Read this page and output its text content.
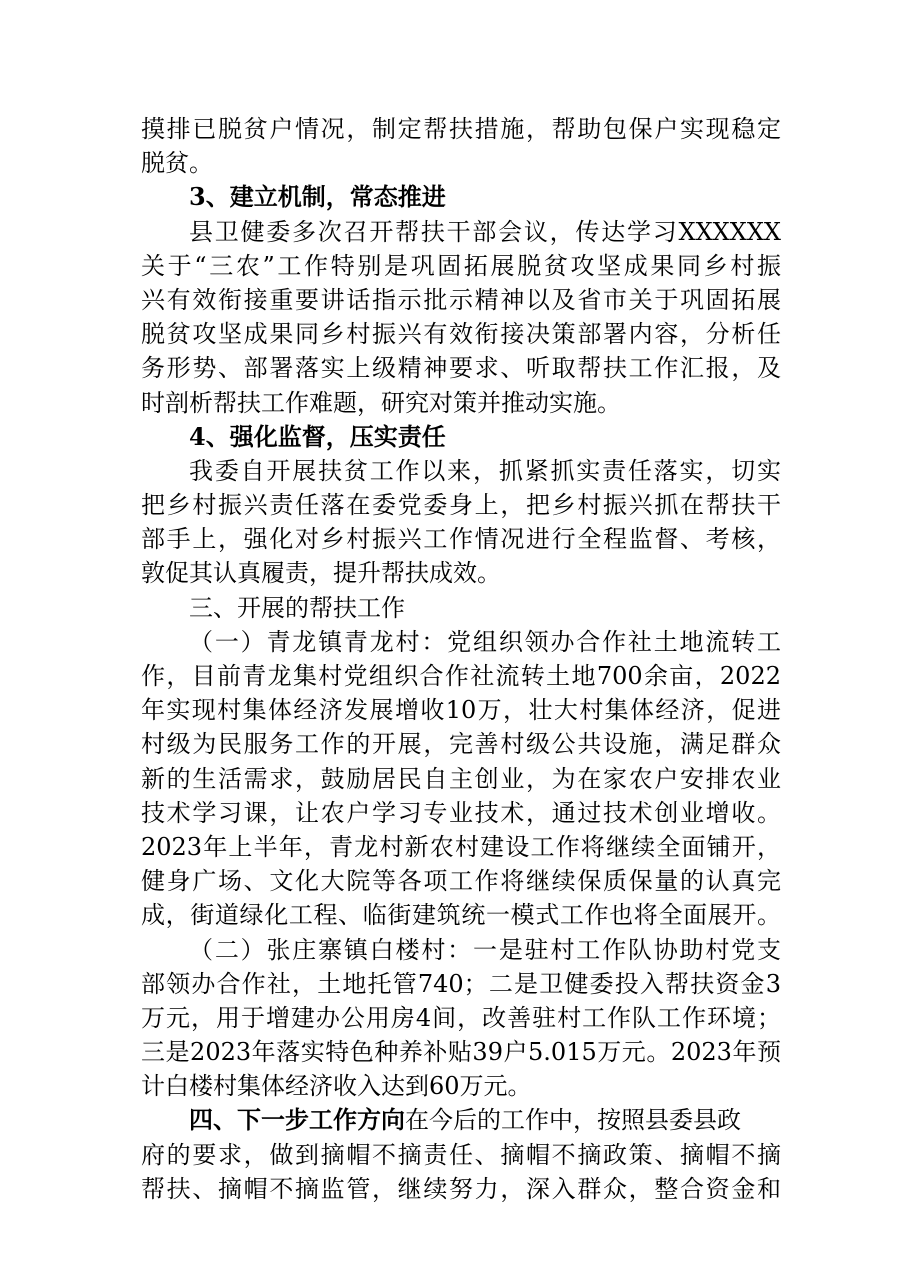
摸排已脱贫户情况，制定帮扶措施，帮助包保户实现稳定
脱贫。
3、建立机制，常态推进
县卫健委多次召开帮扶干部会议，传达学习XXXXXX
关于“三农”工作特别是巩固拓展脱贫攻坚成果同乡村振
兴有效衔接重要讲话指示批示精神以及省市关于巩固拓展
脱贫攻坚成果同乡村振兴有效衔接决策部署内容，分析任
务形势、部署落实上级精神要求、听取帮扶工作汇报，及
时剖析帮扶工作难题，研究对策并推动实施。
4、强化监督，压实责任
我委自开展扶贫工作以来，抓紧抓实责任落实，切实
把乡村振兴责任落在委党委身上，把乡村振兴抓在帮扶干
部手上，强化对乡村振兴工作情况进行全程监督、考核，
敦促其认真履责，提升帮扶成效。
三、开展的帮扶工作
（一）青龙镇青龙村：党组织领办合作社土地流转工
作，目前青龙集村党组织合作社流转土地700余亩，2022
年实现村集体经济发展增收10万，壮大村集体经济，促进
村级为民服务工作的开展，完善村级公共设施，满足群众
新的生活需求，鼓励居民自主创业，为在家农户安排农业
技术学习课，让农户学习专业技术，通过技术创业增收。
2023年上半年，青龙村新农村建设工作将继续全面铺开，
健身广场、文化大院等各项工作将继续保质保量的认真完
成，街道绿化工程、临街建筑统一模式工作也将全面展开。
（二）张庄寨镇白楼村：一是驻村工作队协助村党支
部领办合作社，土地托管740；二是卫健委投入帮扶资金3
万元，用于增建办公用房4间，改善驻村工作队工作环境；
三是2023年落实特色种养补贴39户5.015万元。2023年预
计白楼村集体经济收入达到60万元。
四、下一步工作方向在今后的工作中，按照县委县政
府的要求，做到摘帽不摘责任、摘帽不摘政策、摘帽不摘
帮扶、摘帽不摘监管，继续努力，深入群众，整合资金和
